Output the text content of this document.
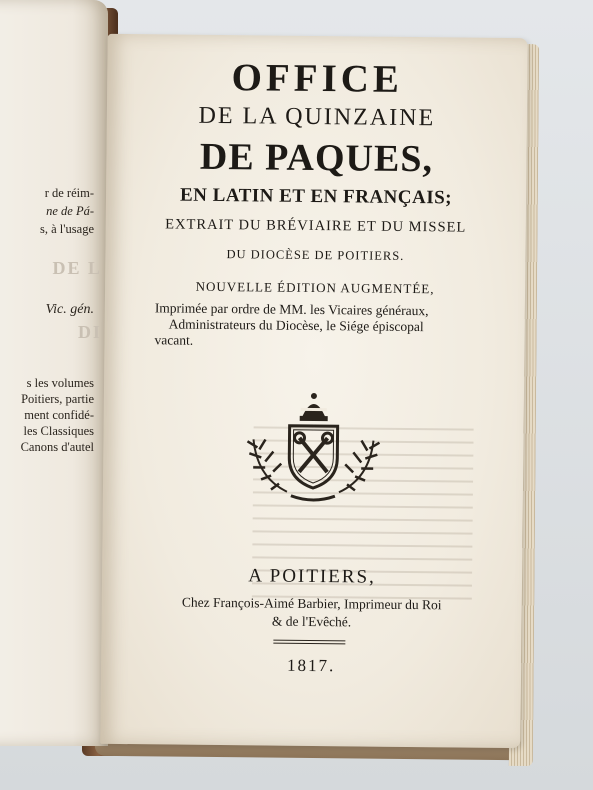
r de réim-
ne de Pá-
s, à l'usage
DE L
Vic. gén.
DI
s les volumes
Poitiers, partie
ment confidé-
les Classiques
Canons d'autel
OFFICE
DE LA QUINZAINE
DE PAQUES,
EN LATIN ET EN FRANÇAIS;
EXTRAIT DU BRÉVIAIRE ET DU MISSEL
DU DIOCÈSE DE POITIERS.
NOUVELLE ÉDITION AUGMENTÉE,
Imprimée par ordre de MM. les Vicaires généraux,
Administrateurs du Diocèse, le Siége épiscopal
vacant.
A POITIERS,
Chez François-Aimé Barbier, Imprimeur du Roi
& de l'Evêché.
1817.
